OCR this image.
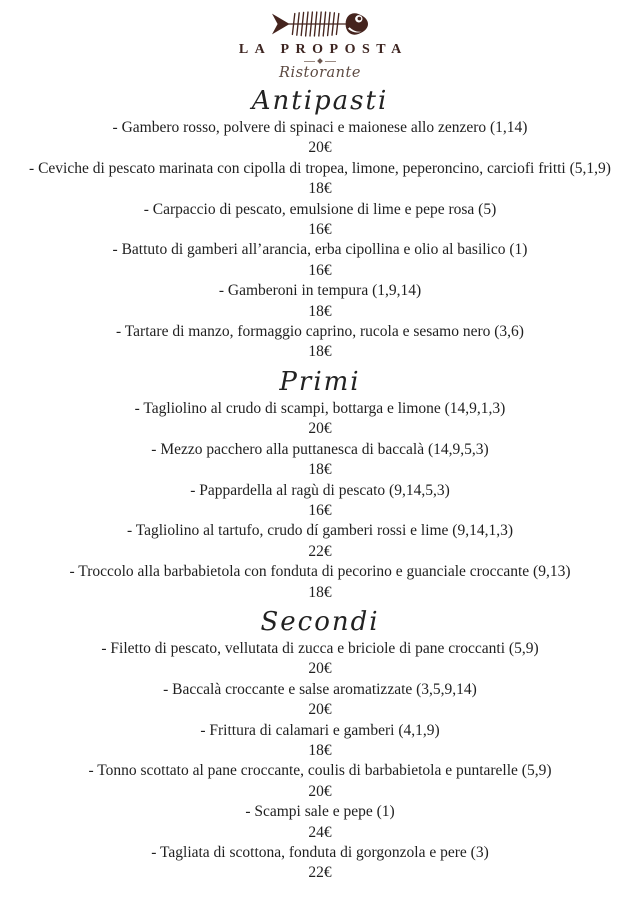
LA PROPOSTA
Ristorante
Antipasti
- Gambero rosso, polvere di spinaci e maionese allo zenzero (1,14)
20€
- Ceviche di pescato marinata con cipolla di tropea, limone, peperoncino, carciofi fritti (5,1,9)
18€
- Carpaccio di pescato, emulsione di lime e pepe rosa (5)
16€
- Battuto di gamberi all’arancia, erba cipollina e olio al basilico (1)
16€
- Gamberoni in tempura (1,9,14)
18€
- Tartare di manzo, formaggio caprino, rucola e sesamo nero (3,6)
18€
Primi
- Tagliolino al crudo di scampi, bottarga e limone (14,9,1,3)
20€
- Mezzo pacchero alla puttanesca di baccalà (14,9,5,3)
18€
- Pappardella al ragù di pescato (9,14,5,3)
16€
- Tagliolino al tartufo, crudo dí gamberi rossi e lime (9,14,1,3)
22€
- Troccolo alla barbabietola con fonduta di pecorino e guanciale croccante (9,13)
18€
Secondi
- Filetto di pescato, vellutata di zucca e briciole di pane croccanti (5,9)
20€
- Baccalà croccante e salse aromatizzate (3,5,9,14)
20€
- Frittura di calamari e gamberi (4,1,9)
18€
- Tonno scottato al pane croccante, coulis di barbabietola e puntarelle (5,9)
20€
- Scampi sale e pepe (1)
24€
- Tagliata di scottona, fonduta di gorgonzola e pere (3)
22€
